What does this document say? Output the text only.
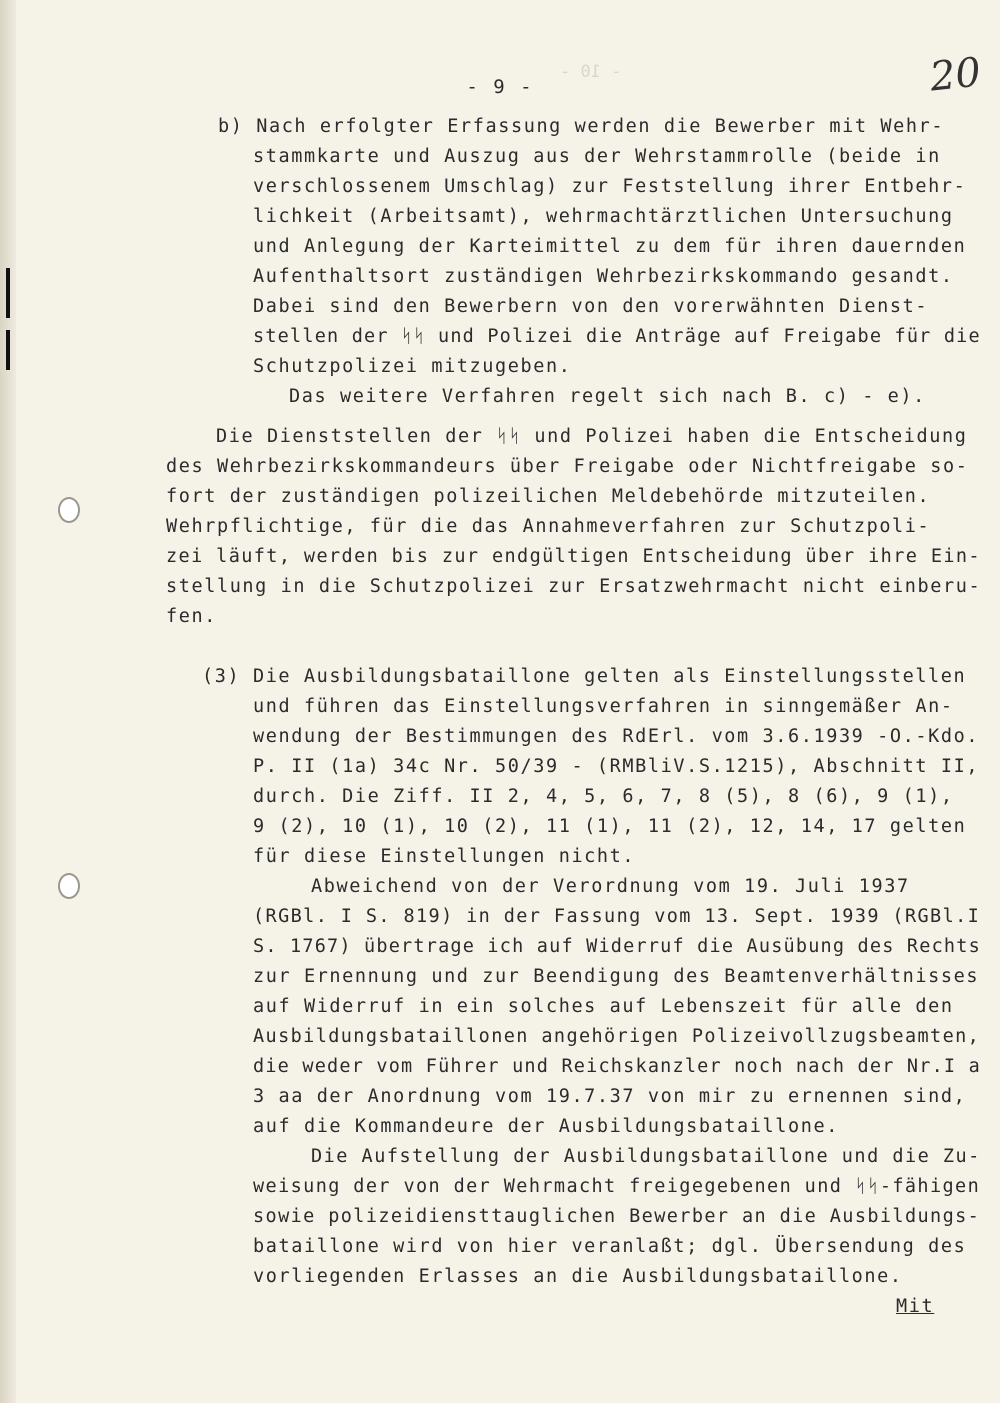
- 10 -
- 9 -	20
b) Nach erfolgter Erfassung werden die Bewerber mit Wehr-
stammkarte und Auszug aus der Wehrstammrolle (beide in
verschlossenem Umschlag) zur Feststellung ihrer Entbehr-
lichkeit (Arbeitsamt), wehrmachtärztlichen Untersuchung
und Anlegung der Karteimittel zu dem für ihren dauernden
Aufenthaltsort zuständigen Wehrbezirkskommando gesandt.
Dabei sind den Bewerbern von den vorerwähnten Dienst-
stellen der ᛋᛋ und Polizei die Anträge auf Freigabe für die
Schutzpolizei mitzugeben.
Das weitere Verfahren regelt sich nach B. c) - e).
Die Dienststellen der ᛋᛋ und Polizei haben die Entscheidung
des Wehrbezirkskommandeurs über Freigabe oder Nichtfreigabe so-
fort der zuständigen polizeilichen Meldebehörde mitzuteilen.
Wehrpflichtige, für die das Annahmeverfahren zur Schutzpoli-
zei läuft, werden bis zur endgültigen Entscheidung über ihre Ein-
stellung in die Schutzpolizei zur Ersatzwehrmacht nicht einberu-
fen.
(3) Die Ausbildungsbataillone gelten als Einstellungsstellen
und führen das Einstellungsverfahren in sinngemäßer An-
wendung der Bestimmungen des RdErl. vom 3.6.1939 -O.-Kdo.
P. II (1a) 34c Nr. 50/39 - (RMBliV.S.1215), Abschnitt II,
durch. Die Ziff. II 2, 4, 5, 6, 7, 8 (5), 8 (6), 9 (1),
9 (2), 10 (1), 10 (2), 11 (1), 11 (2), 12, 14, 17 gelten
für diese Einstellungen nicht.
Abweichend von der Verordnung vom 19. Juli 1937
(RGBl. I S. 819) in der Fassung vom 13. Sept. 1939 (RGBl.I
S. 1767) übertrage ich auf Widerruf die Ausübung des Rechts
zur Ernennung und zur Beendigung des Beamtenverhältnisses
auf Widerruf in ein solches auf Lebenszeit für alle den
Ausbildungsbataillonen angehörigen Polizeivollzugsbeamten,
die weder vom Führer und Reichskanzler noch nach der Nr.I a
3 aa der Anordnung vom 19.7.37 von mir zu ernennen sind,
auf die Kommandeure der Ausbildungsbataillone.
Die Aufstellung der Ausbildungsbataillone und die Zu-
weisung der von der Wehrmacht freigegebenen und ᛋᛋ-fähigen
sowie polizeidiensttauglichen Bewerber an die Ausbildungs-
bataillone wird von hier veranlaßt; dgl. Übersendung des
vorliegenden Erlasses an die Ausbildungsbataillone.
Mit
